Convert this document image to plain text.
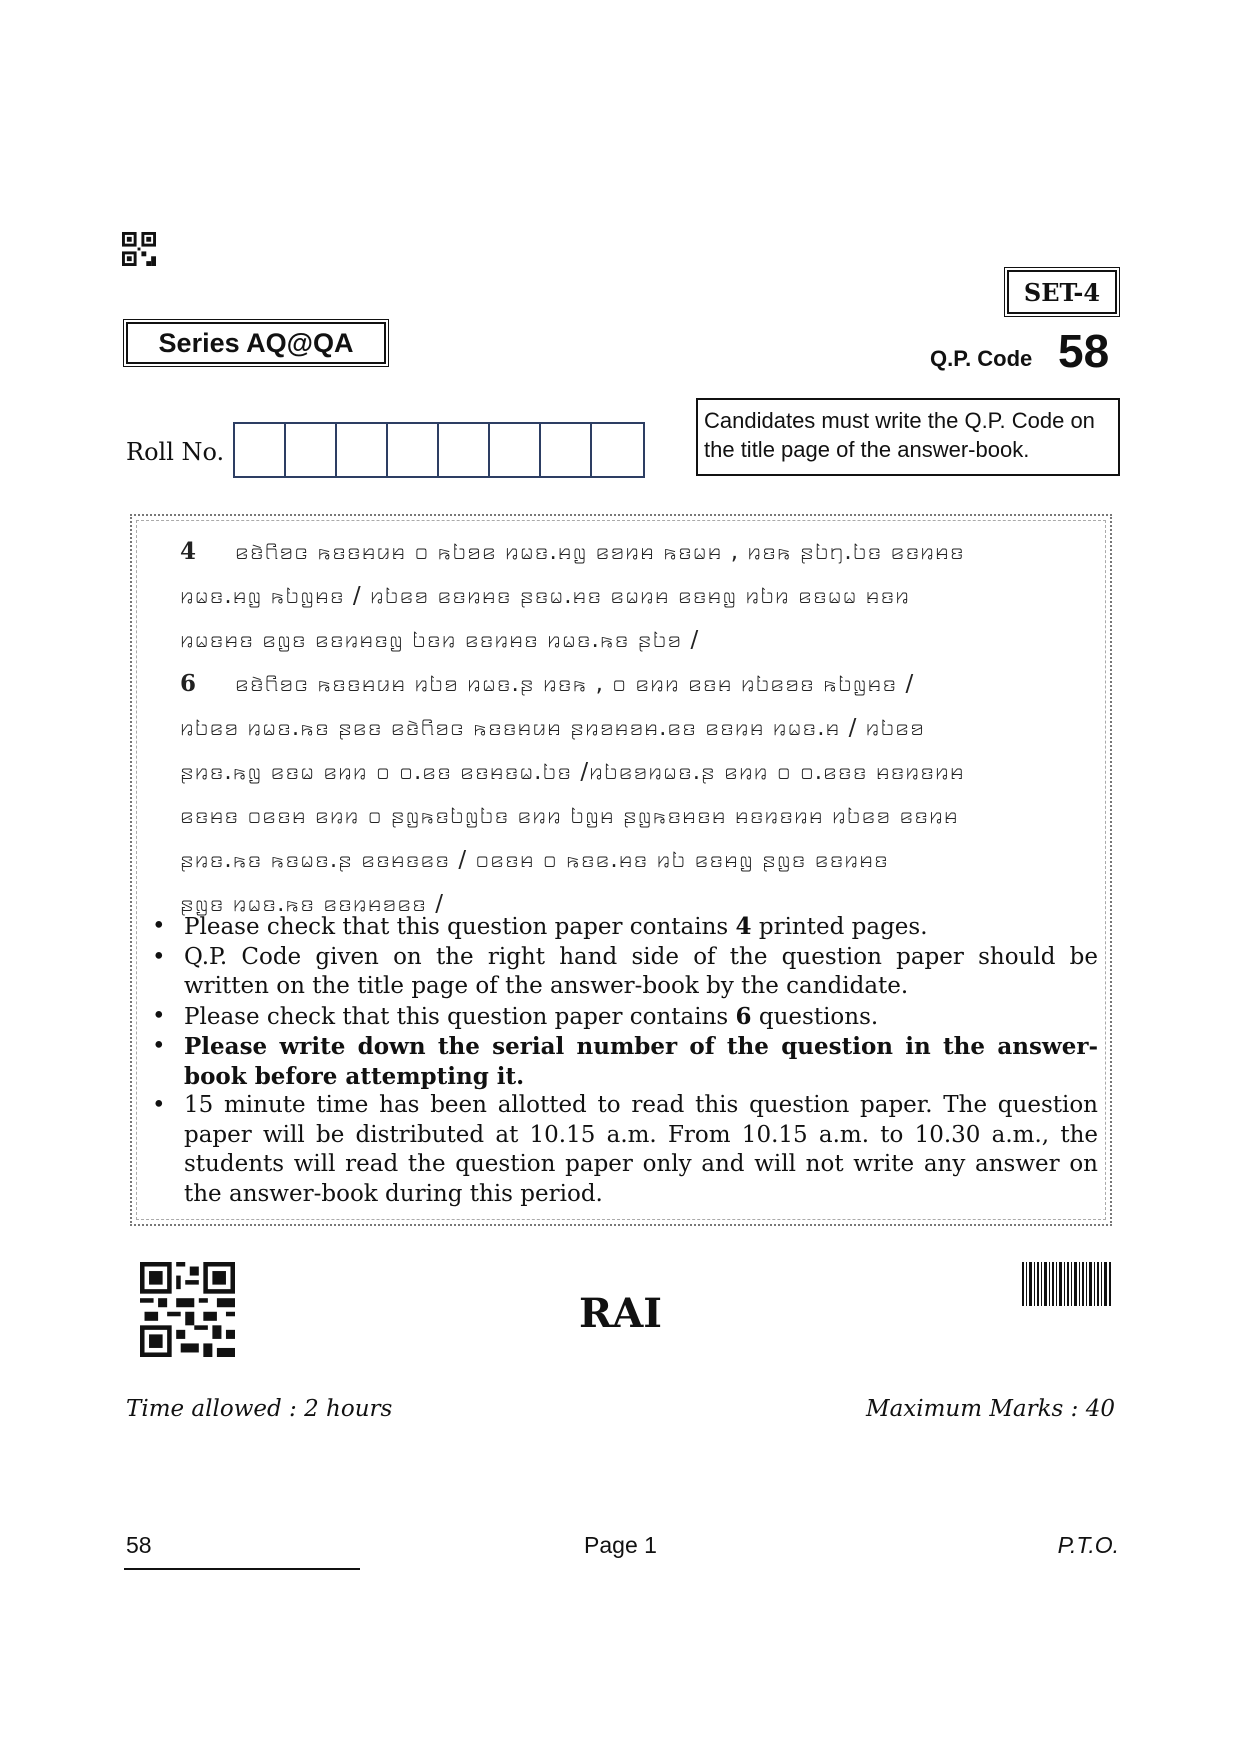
SET-4
Series AQ@QA
Q.P. Code 58
Roll No.
Candidates must write the Q.P. Code on the title page of the answer-book.
4 ꤕꤢꤧꤖꤤꤍ ꤒꤢꤢꤌꤣꤌ ꤀ ꤒꤝꤤꤕ ꤙꤗꤢ.ꤌꤜ ꤕꤤꤙꤌ ꤒꤢꤗꤌ , ꤙꤢꤒ ꤔꤝꤚ.ꤝꤢ ꤕꤢꤙꤌꤢ
ꤙꤗꤢ.ꤌꤜ ꤒꤝꤜꤌꤢ / ꤙꤝꤕꤤ ꤕꤢꤙꤌꤢ ꤔꤢꤗ.ꤌꤢ ꤕꤗꤙꤌ ꤕꤢꤌꤜ ꤙꤝꤙ ꤕꤢꤗꤗ ꤌꤢꤙ
ꤙꤗꤢꤌꤢ ꤕꤜꤢ ꤕꤢꤙꤌꤢꤜ ꤝꤢꤙ ꤕꤢꤙꤌꤢ ꤙꤗꤢ.ꤒꤢ ꤔꤝꤤ /
6 ꤕꤢꤧꤖꤤꤍ ꤒꤢꤢꤌꤣꤌ ꤙꤝꤤ ꤙꤗꤢ.ꤔ ꤙꤢꤒ , ꤀ ꤕꤙꤙ ꤕꤢꤌ ꤙꤝꤕꤤꤢ ꤒꤝꤜꤌꤢ /
ꤙꤝꤕꤤ ꤙꤗꤢ.ꤒꤢ ꤔꤕꤢ ꤕꤢꤧꤖꤤꤍ ꤒꤢꤢꤌꤣꤌ ꤔꤙꤤꤌꤤꤌ.ꤕꤢ ꤕꤢꤙꤌ ꤙꤗꤢ.ꤌ / ꤙꤝꤕꤤ
ꤔꤙꤢ.ꤒꤜ ꤕꤢꤗ ꤕꤙꤙ ꤀ ꤀.ꤕꤢ ꤕꤢꤌꤢꤗ.ꤝꤢ /ꤙꤝꤕꤤꤙꤗꤢ.ꤔ ꤕꤙꤙ ꤀ ꤀.ꤕꤢꤢ ꤌꤢꤙꤢꤙꤌ
ꤕꤢꤌꤢ ꤀ꤕꤢꤌ ꤕꤙꤙ ꤀ ꤔꤜꤒꤢꤝꤜꤝꤢ ꤕꤙꤙ ꤝꤜꤌ ꤔꤜꤒꤢꤌꤢꤌ ꤌꤢꤙꤢꤙꤌ ꤙꤝꤕꤤ ꤕꤢꤙꤌ
ꤔꤙꤢ.ꤒꤢ ꤒꤢꤗꤢ.ꤔ ꤕꤢꤌꤢꤕꤢ / ꤀ꤕꤢꤌ ꤀ ꤒꤢꤕ.ꤌꤢ ꤙꤝ ꤕꤢꤌꤜ ꤔꤜꤢ ꤕꤢꤙꤌꤢ
ꤔꤜꤢ ꤙꤗꤢ.ꤒꤢ ꤕꤢꤙꤌꤤꤕꤢ /
• Please check that this question paper contains 4 printed pages.
• Q.P. Code given on the right hand side of the question paper should be written on the title page of the answer-book by the candidate.
• Please check that this question paper contains 6 questions.
• Please write down the serial number of the question in the answer-book before attempting it.
• 15 minute time has been allotted to read this question paper. The question paper will be distributed at 10.15 a.m. From 10.15 a.m. to 10.30 a.m., the students will read the question paper only and will not write any answer on the answer-book during this period.
RAI
Time allowed : 2 hours	Maximum Marks : 40
58	Page 1	P.T.O.
